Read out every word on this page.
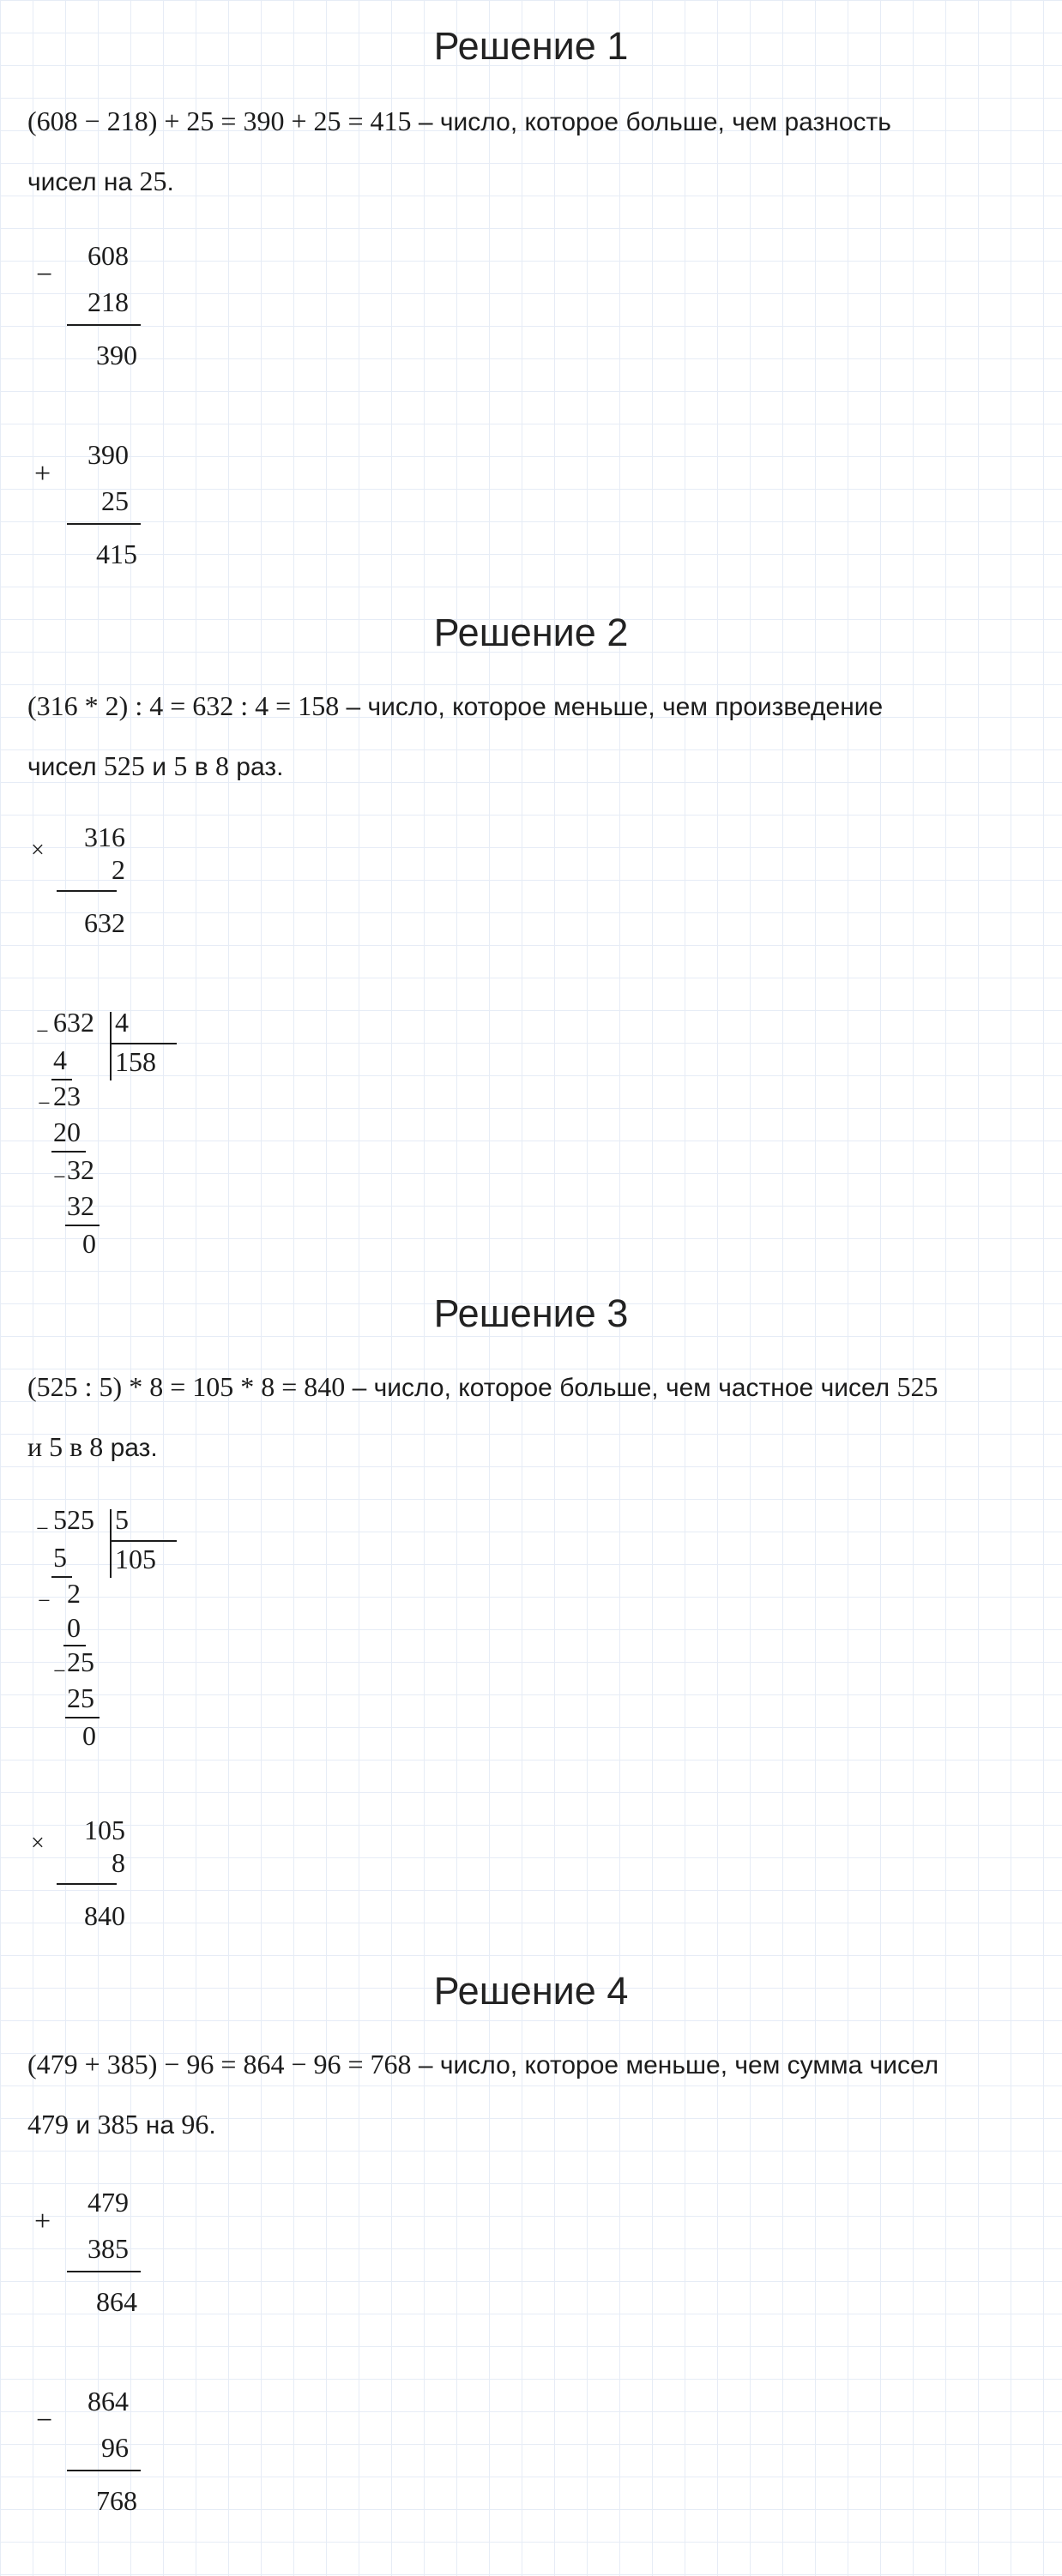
Решение 1
(608 − 218) + 25 = 390 + 25 = 415 – число, которое больше, чем разность
чисел на 25.
−
608
218
390
+
390
25
415
Решение 2
(316 * 2) : 4 = 632 : 4 = 158 – число, которое меньше, чем произведение
чисел 525 и 5 в 8 раз.
× 316
2
632
− 632 4
158
4
− 23
20
− 32
32
0
Решение 3
(525 : 5) * 8 = 105 * 8 = 840 – число, которое больше, чем частное чисел 525
и 5 в 8 раз.
− 525 5
105
5
− 2
0
− 25
25
0
× 105
8
840
Решение 4
(479 + 385) − 96 = 864 − 96 = 768 – число, которое меньше, чем сумма чисел
479 и 385 на 96.
+
479
385
864
−
864
96
768
